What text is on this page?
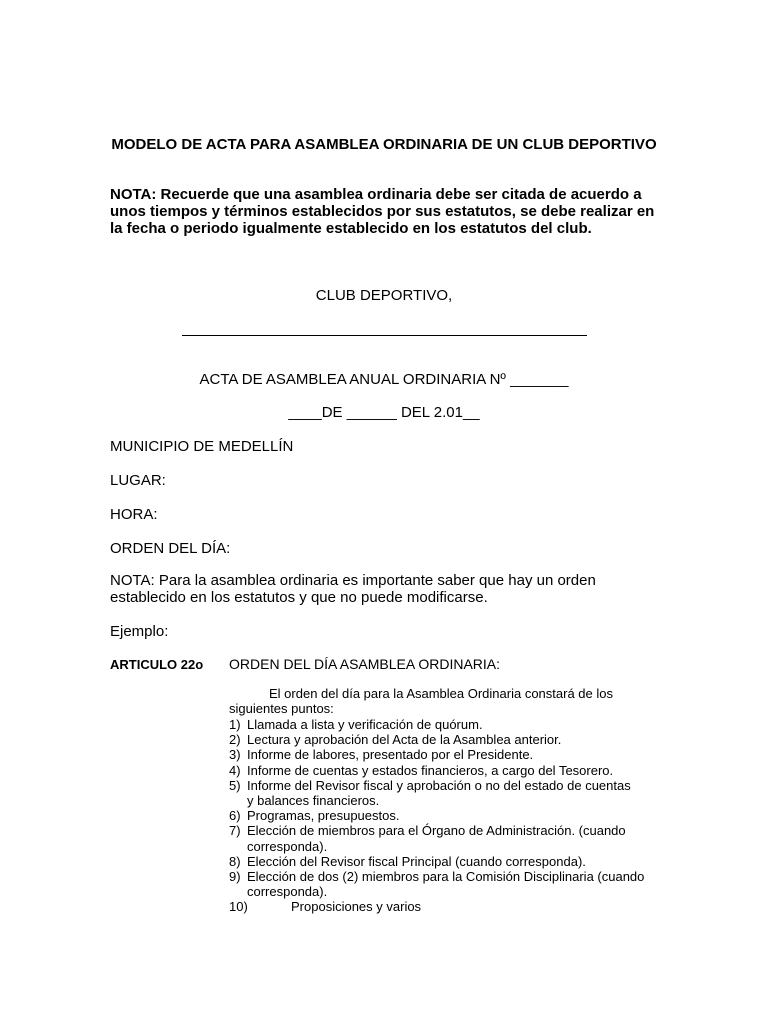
MODELO DE ACTA PARA ASAMBLEA ORDINARIA DE UN CLUB DEPORTIVO
NOTA: Recuerde que una asamblea ordinaria debe ser citada de acuerdo a unos tiempos y términos establecidos por sus estatutos, se debe realizar en la fecha o periodo igualmente establecido en los estatutos del club.
CLUB DEPORTIVO,
ACTA DE ASAMBLEA ANUAL ORDINARIA Nº _______
____DE ______ DEL 2.01__
MUNICIPIO DE MEDELLÍN
LUGAR:
HORA:
ORDEN DEL DÍA:
NOTA: Para la asamblea ordinaria es importante saber que hay un orden establecido en los estatutos y que no puede modificarse.
Ejemplo:
ARTICULO 22o ORDEN DEL DÍA ASAMBLEA ORDINARIA:
El orden del día para la Asamblea Ordinaria constará de los siguientes puntos:
1) Llamada a lista y verificación de quórum.
2) Lectura y aprobación del Acta de la Asamblea anterior.
3) Informe de labores, presentado por el Presidente.
4) Informe de cuentas y estados financieros, a cargo del Tesorero.
5) Informe del Revisor fiscal y aprobación o no del estado de cuentas y balances financieros.
6) Programas, presupuestos.
7) Elección de miembros para el Órgano de Administración. (cuando corresponda).
8) Elección del Revisor fiscal Principal (cuando corresponda).
9) Elección de dos (2) miembros para la Comisión Disciplinaria (cuando corresponda).
10)	Proposiciones y varios
